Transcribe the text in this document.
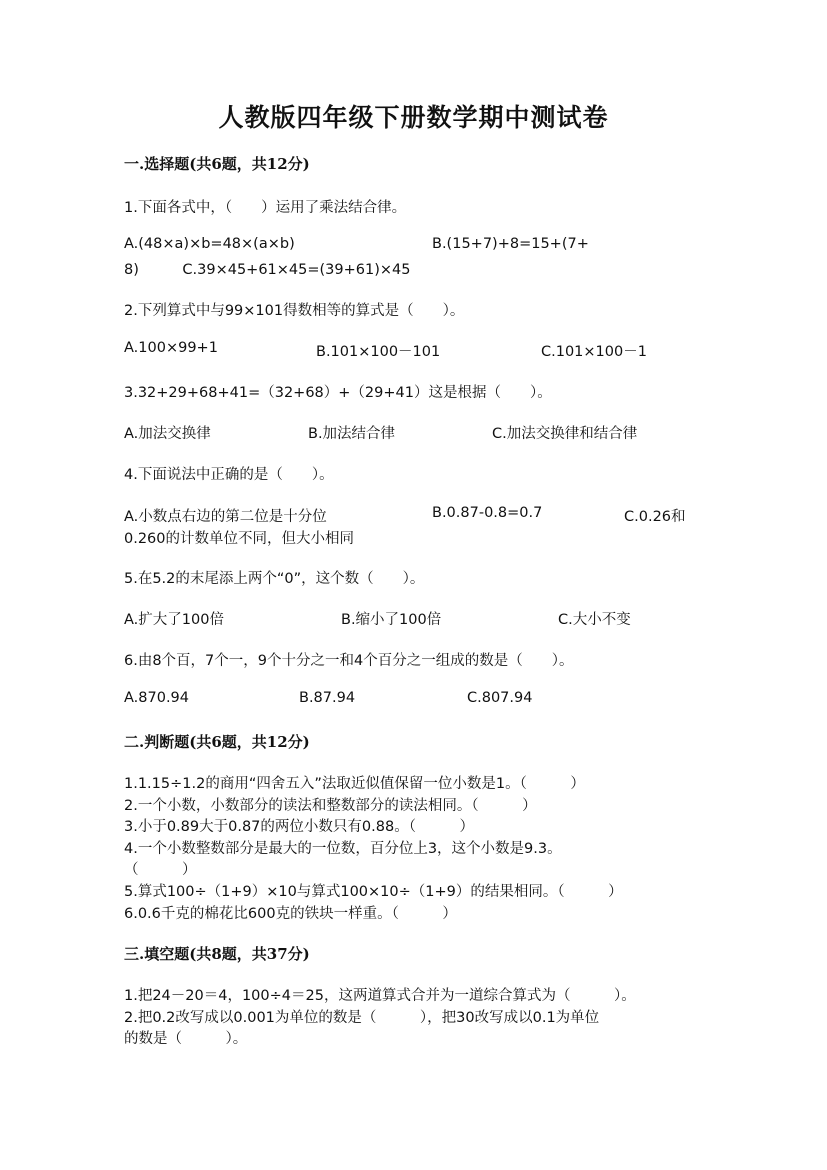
人教版四年级下册数学期中测试卷
一.选择题(共6题，共12分)
1.下面各式中，（　　）运用了乘法结合律。
A.(48×a)×b=48×(a×b)	B.(15+7)+8=15+(7+
8)　　　C.39×45+61×45=(39+61)×45
2.下列算式中与99×101得数相等的算式是（　　）。
A.100×99+1	B.101×100－101	C.101×100－1
3.32+29+68+41=（32+68）+（29+41）这是根据（　　）。
A.加法交换律	B.加法结合律	C.加法交换律和结合律
4.下面说法中正确的是（　　）。
A.小数点右边的第二位是十分位	B.0.87-0.8=0.7	C.0.26和
0.260的计数单位不同，但大小相同
5.在5.2的末尾添上两个“0”，这个数（　　）。
A.扩大了100倍	B.缩小了100倍	C.大小不变
6.由8个百，7个一，9个十分之一和4个百分之一组成的数是（　　）。
A.870.94	B.87.94	C.807.94
二.判断题(共6题，共12分)
1.1.15÷1.2的商用“四舍五入”法取近似值保留一位小数是1。（　　　）
2.一个小数，小数部分的读法和整数部分的读法相同。（　　　）
3.小于0.89大于0.87的两位小数只有0.88。（　　　）
4.一个小数整数部分是最大的一位数，百分位上3，这个小数是9.3。
（　　　）
5.算式100÷（1+9）×10与算式100×10÷（1+9）的结果相同。（　　　）
6.0.6千克的棉花比600克的铁块一样重。（　　　）
三.填空题(共8题，共37分)
1.把24－20＝4，100÷4＝25，这两道算式合并为一道综合算式为（　　　）。
2.把0.2改写成以0.001为单位的数是（　　　），把30改写成以0.1为单位
的数是（　　　）。
